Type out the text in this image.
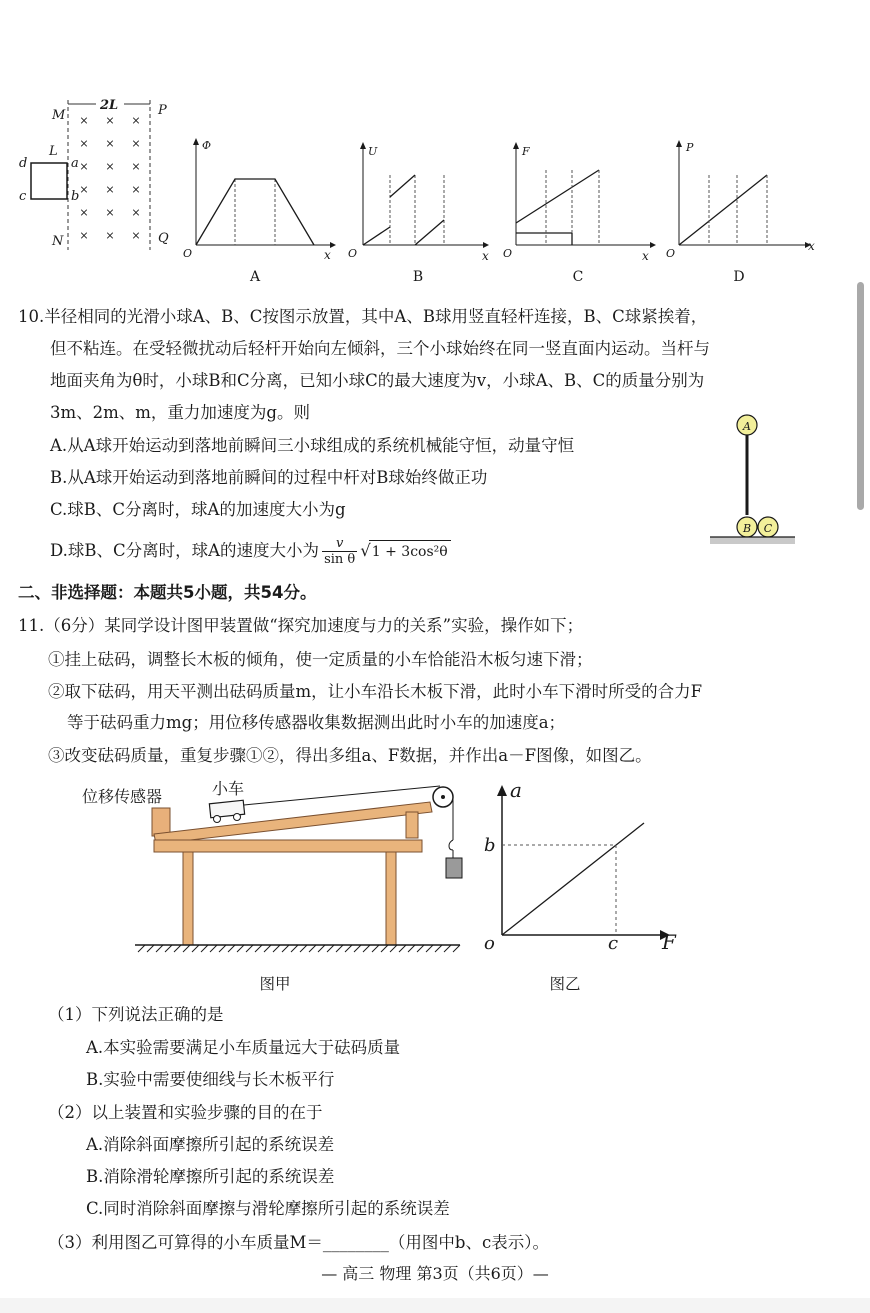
M
N
P
Q
2L
× × ×
× × ×
× × ×
× × ×
× × ×
× × ×
L
a
b
c
d
Φ
x
O
A
U
x
O
B
F
x
O
C
P
x
O
D
10.半径相同的光滑小球A、B、C按图示放置，其中A、B球用竖直轻杆连接，B、C球紧挨着，
但不粘连。在受轻微扰动后轻杆开始向左倾斜，三个小球始终在同一竖直面内运动。当杆与
地面夹角为θ时，小球B和C分离，已知小球C的最大速度为v，小球A、B、C的质量分别为
3m、2m、m，重力加速度为g。则
A.从A球开始运动到落地前瞬间三小球组成的系统机械能守恒，动量守恒
B.从A球开始运动到落地前瞬间的过程中杆对B球始终做正功
C.球B、C分离时，球A的加速度大小为g
D.球B、C分离时，球A的速度大小为 $\frac{v}{\text{sin θ}} √1 + 3\cos^2\theta$
A
B C
二、非选择题：本题共5小题，共54分。
11.（6分）某同学设计图甲装置做“探究加速度与力的关系”实验，操作如下；
①挂上砝码，调整长木板的倾角，使一定质量的小车恰能沿木板匀速下滑；
②取下砝码，用天平测出砝码质量m，让小车沿长木板下滑，此时小车下滑时所受的合力F
等于砝码重力mg；用位移传感器收集数据测出此时小车的加速度a；
③改变砝码质量，重复步骤①②，得出多组a、F数据，并作出a－F图像，如图乙。
位移传感器	小车
图甲
a
F
o
b
c
图乙
（1）下列说法正确的是
A.本实验需要满足小车质量远大于砝码质量
B.实验中需要使细线与长木板平行
（2）以上装置和实验步骤的目的在于
A.消除斜面摩擦所引起的系统误差
B.消除滑轮摩擦所引起的系统误差
C.同时消除斜面摩擦与滑轮摩擦所引起的系统误差
（3）利用图乙可算得的小车质量M＝________（用图中b、c表示）。
— 高三 物理 第3页（共6页）—
